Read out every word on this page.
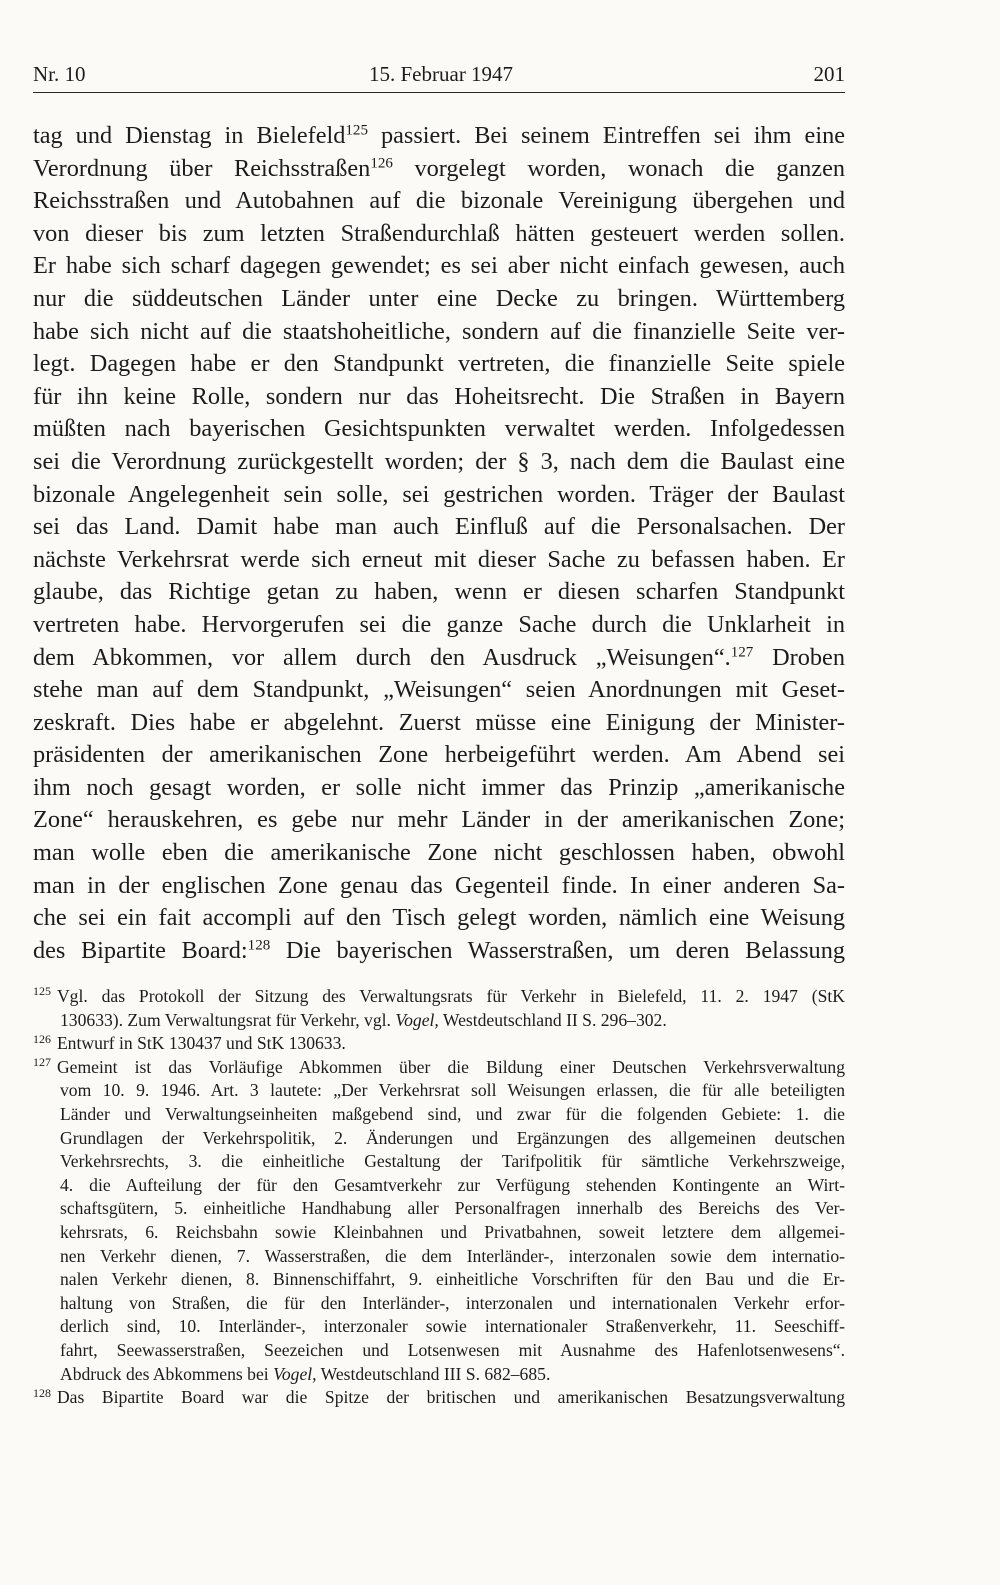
Nr. 10	15. Februar 1947	201
tag und Dienstag in Bielefeld$^{125}$ passiert. Bei seinem Eintreffen sei ihm eine
Verordnung über Reichsstraßen$^{126}$ vorgelegt worden, wonach die ganzen
Reichsstraßen und Autobahnen auf die bizonale Vereinigung übergehen und
von dieser bis zum letzten Straßendurchlaß hätten gesteuert werden sollen.
Er habe sich scharf dagegen gewendet; es sei aber nicht einfach gewesen, auch
nur die süddeutschen Länder unter eine Decke zu bringen. Württemberg
habe sich nicht auf die staatshoheitliche, sondern auf die finanzielle Seite ver-
legt. Dagegen habe er den Standpunkt vertreten, die finanzielle Seite spiele
für ihn keine Rolle, sondern nur das Hoheitsrecht. Die Straßen in Bayern
müßten nach bayerischen Gesichtspunkten verwaltet werden. Infolgedessen
sei die Verordnung zurückgestellt worden; der § 3, nach dem die Baulast eine
bizonale Angelegenheit sein solle, sei gestrichen worden. Träger der Baulast
sei das Land. Damit habe man auch Einfluß auf die Personalsachen. Der
nächste Verkehrsrat werde sich erneut mit dieser Sache zu befassen haben. Er
glaube, das Richtige getan zu haben, wenn er diesen scharfen Standpunkt
vertreten habe. Hervorgerufen sei die ganze Sache durch die Unklarheit in
dem Abkommen, vor allem durch den Ausdruck „Weisungen“.$^{127}$ Droben
stehe man auf dem Standpunkt, „Weisungen“ seien Anordnungen mit Geset-
zeskraft. Dies habe er abgelehnt. Zuerst müsse eine Einigung der Minister-
präsidenten der amerikanischen Zone herbeigeführt werden. Am Abend sei
ihm noch gesagt worden, er solle nicht immer das Prinzip „amerikanische
Zone“ herauskehren, es gebe nur mehr Länder in der amerikanischen Zone;
man wolle eben die amerikanische Zone nicht geschlossen haben, obwohl
man in der englischen Zone genau das Gegenteil finde. In einer anderen Sa-
che sei ein fait accompli auf den Tisch gelegt worden, nämlich eine Weisung
des Bipartite Board:$^{128}$ Die bayerischen Wasserstraßen, um deren Belassung
$^{125}$ Vgl. das Protokoll der Sitzung des Verwaltungsrats für Verkehr in Bielefeld, 11. 2. 1947 (StK
130633). Zum Verwaltungsrat für Verkehr, vgl. Vogel, Westdeutschland II S. 296–302.
$^{126}$ Entwurf in StK 130437 und StK 130633.
$^{127}$ Gemeint ist das Vorläufige Abkommen über die Bildung einer Deutschen Verkehrsverwaltung
vom 10. 9. 1946. Art. 3 lautete: „Der Verkehrsrat soll Weisungen erlassen, die für alle beteiligten
Länder und Verwaltungseinheiten maßgebend sind, und zwar für die folgenden Gebiete: 1. die
Grundlagen der Verkehrspolitik, 2. Änderungen und Ergänzungen des allgemeinen deutschen
Verkehrsrechts, 3. die einheitliche Gestaltung der Tarifpolitik für sämtliche Verkehrszweige,
4. die Aufteilung der für den Gesamtverkehr zur Verfügung stehenden Kontingente an Wirt-
schaftsgütern, 5. einheitliche Handhabung aller Personalfragen innerhalb des Bereichs des Ver-
kehrsrats, 6. Reichsbahn sowie Kleinbahnen und Privatbahnen, soweit letztere dem allgemei-
nen Verkehr dienen, 7. Wasserstraßen, die dem Interländer-, interzonalen sowie dem internatio-
nalen Verkehr dienen, 8. Binnenschiffahrt, 9. einheitliche Vorschriften für den Bau und die Er-
haltung von Straßen, die für den Interländer-, interzonalen und internationalen Verkehr erfor-
derlich sind, 10. Interländer-, interzonaler sowie internationaler Straßenverkehr, 11. Seeschiff-
fahrt, Seewasserstraßen, Seezeichen und Lotsenwesen mit Ausnahme des Hafenlotsenwesens“.
Abdruck des Abkommens bei Vogel, Westdeutschland III S. 682–685.
$^{128}$ Das Bipartite Board war die Spitze der britischen und amerikanischen Besatzungsverwaltung
